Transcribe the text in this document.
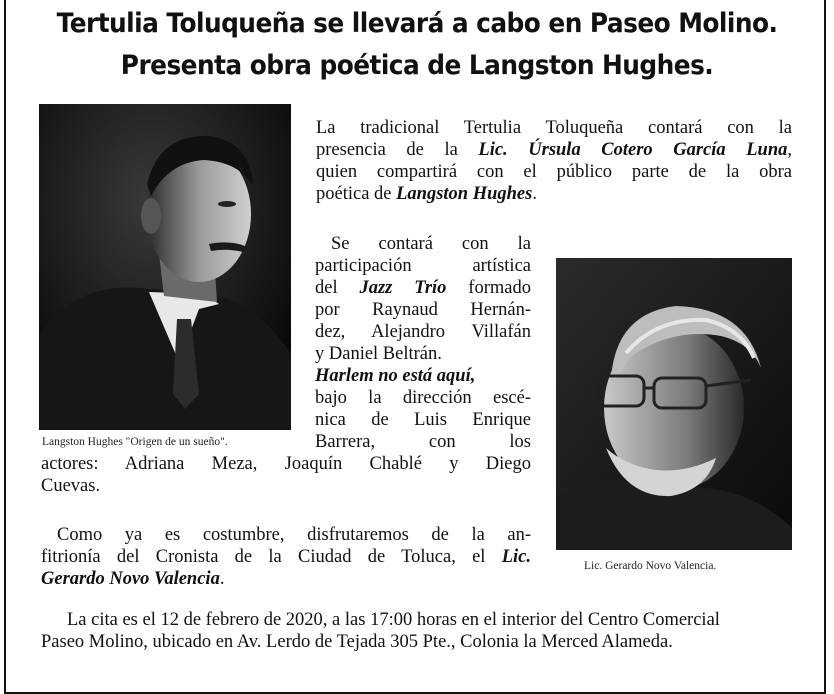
Tertulia Toluqueña se llevará a cabo en Paseo Molino.
Presenta obra poética de Langston Hughes.
Langston Hughes "Origen de un sueño".
Lic. Gerardo Novo Valencia.
La tradicional Tertulia Toluqueña contará con la
presencia de la Lic. Úrsula Cotero García Luna,
quien compartirá con el público parte de la obra
poética de Langston Hughes.
Se contará con la
participación artística
del Jazz Trío formado
por Raynaud Hernán-
dez, Alejandro Villafán
y Daniel Beltrán.
Harlem no está aquí,
bajo la dirección escé-
nica de Luis Enrique
Barrera, con los
actores: Adriana Meza, Joaquín Chablé y Diego
Cuevas.
Como ya es costumbre, disfrutaremos de la an-
fitrionía del Cronista de la Ciudad de Toluca, el Lic.
Gerardo Novo Valencia.
La cita es el 12 de febrero de 2020, a las 17:00 horas en el interior del Centro Comercial
Paseo Molino, ubicado en Av. Lerdo de Tejada 305 Pte., Colonia la Merced Alameda.
